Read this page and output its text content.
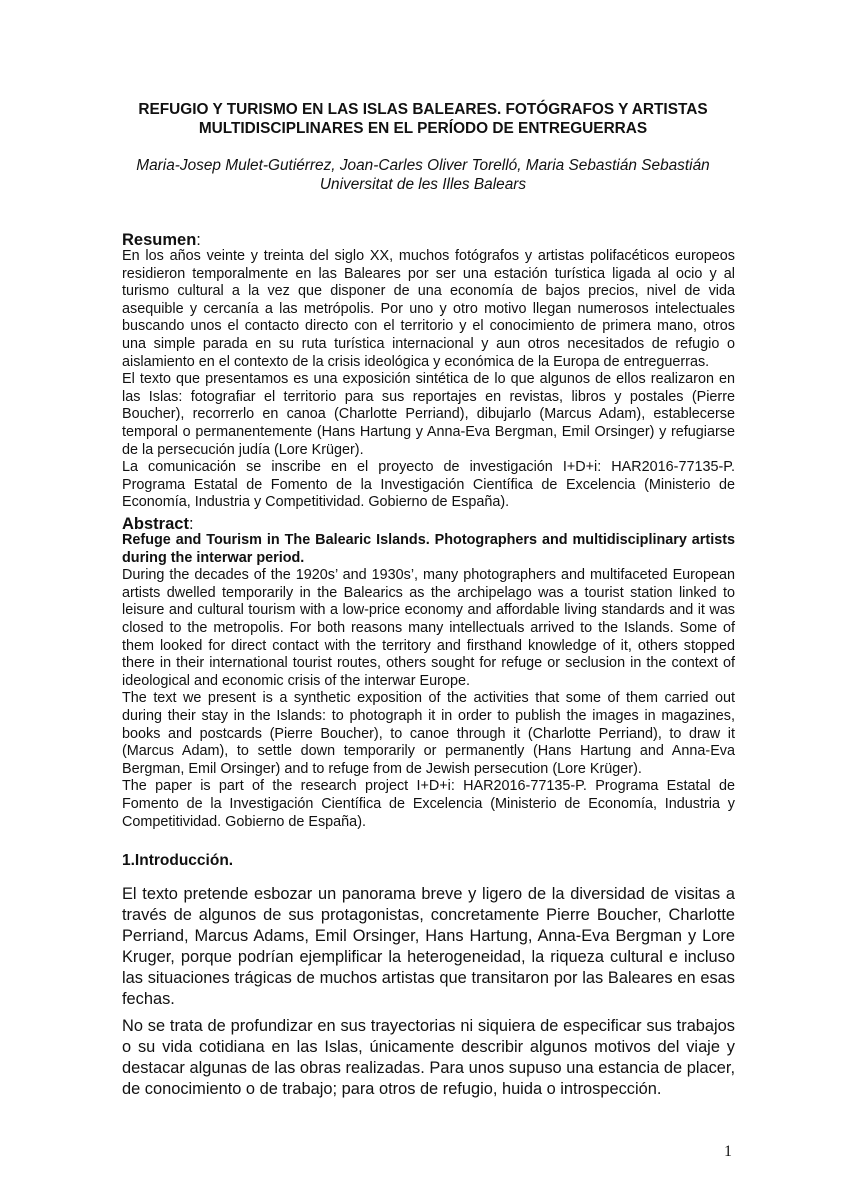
REFUGIO Y TURISMO EN LAS ISLAS BALEARES. FOTÓGRAFOS Y ARTISTAS MULTIDISCIPLINARES EN EL PERÍODO DE ENTREGUERRAS
Maria-Josep Mulet-Gutiérrez, Joan-Carles Oliver Torelló, Maria Sebastián Sebastián
Universitat de les Illes Balears
Resumen:

En los años veinte y treinta del siglo XX, muchos fotógrafos y artistas polifacéticos europeos residieron temporalmente en las Baleares por ser una estación turística ligada al ocio y al turismo cultural a la vez que disponer de una economía de bajos precios, nivel de vida asequible y cercanía a las metrópolis. Por uno y otro motivo llegan numerosos intelectuales buscando unos el contacto directo con el territorio y el conocimiento de primera mano, otros una simple parada en su ruta turística internacional y aun otros necesitados de refugio o aislamiento en el contexto de la crisis ideológica y económica de la Europa de entreguerras.

El texto que presentamos es una exposición sintética de lo que algunos de ellos realizaron en las Islas: fotografiar el territorio para sus reportajes en revistas, libros y postales (Pierre Boucher), recorrerlo en canoa (Charlotte Perriand), dibujarlo (Marcus Adam), establecerse temporal o permanentemente (Hans Hartung y Anna-Eva Bergman, Emil Orsinger) y refugiarse de la persecución judía (Lore Krüger).

La comunicación se inscribe en el proyecto de investigación I+D+i: HAR2016-77135-P. Programa Estatal de Fomento de la Investigación Científica de Excelencia (Ministerio de Economía, Industria y Competitividad. Gobierno de España).

Abstract:

Refuge and Tourism in The Balearic Islands. Photographers and multidisciplinary artists during the interwar period.

During the decades of the 1920s’ and 1930s’, many photographers and multifaceted European artists dwelled temporarily in the Balearics as the archipelago was a tourist station linked to leisure and cultural tourism with a low-price economy and affordable living standards and it was closed to the metropolis. For both reasons many intellectuals arrived to the Islands. Some of them looked for direct contact with the territory and firsthand knowledge of it, others stopped there in their international tourist routes, others sought for refuge or seclusion in the context of ideological and economic crisis of the interwar Europe.

The text we present is a synthetic exposition of the activities that some of them carried out during their stay in the Islands: to photograph it in order to publish the images in magazines, books and postcards (Pierre Boucher), to canoe through it (Charlotte Perriand), to draw it (Marcus Adam), to settle down temporarily or permanently (Hans Hartung and Anna-Eva Bergman, Emil Orsinger) and to refuge from de Jewish persecution (Lore Krüger).

The paper is part of the research project I+D+i: HAR2016-77135-P. Programa Estatal de Fomento de la Investigación Científica de Excelencia (Ministerio de Economía, Industria y Competitividad. Gobierno de España).

1.Introducción.

El texto pretende esbozar un panorama breve y ligero de la diversidad de visitas a través de algunos de sus protagonistas, concretamente Pierre Boucher, Charlotte Perriand, Marcus Adams, Emil Orsinger, Hans Hartung, Anna-Eva Bergman y Lore Kruger, porque podrían ejemplificar la heterogeneidad, la riqueza cultural e incluso las situaciones trágicas de muchos artistas que transitaron por las Baleares en esas fechas.

No se trata de profundizar en sus trayectorias ni siquiera de especificar sus trabajos o su vida cotidiana en las Islas, únicamente describir algunos motivos del viaje y destacar algunas de las obras realizadas. Para unos supuso una estancia de placer, de conocimiento o de trabajo; para otros de refugio, huida o introspección.

1
